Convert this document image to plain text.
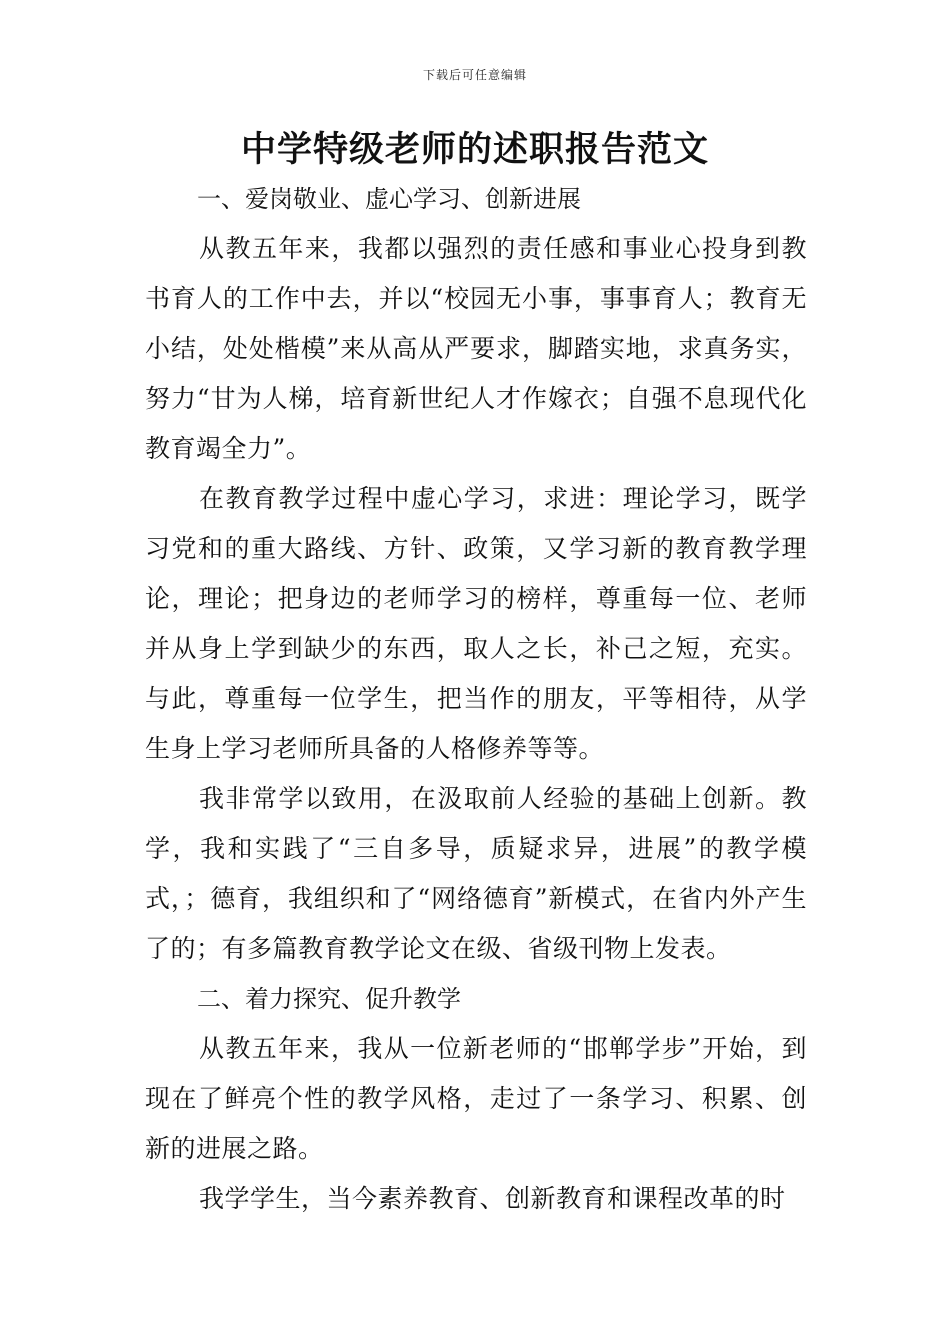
下载后可任意编辑
中学特级老师的述职报告范文
一、爱岗敬业、虚心学习、创新进展

从教五年来，我都以强烈的责任感和事业心投身到教书育人的工作中去，并以“校园无小事，事事育人；教育无小结，处处楷模”来从高从严要求，脚踏实地，求真务实，努力“甘为人梯，培育新世纪人才作嫁衣；自强不息现代化教育竭全力”。

在教育教学过程中虚心学习，求进：理论学习，既学习党和的重大路线、方针、政策，又学习新的教育教学理论，理论；把身边的老师学习的榜样，尊重每一位、老师并从身上学到缺少的东西，取人之长，补己之短，充实。与此，尊重每一位学生，把当作的朋友，平等相待，从学生身上学习老师所具备的人格修养等等。

我非常学以致用，在汲取前人经验的基础上创新。教学，我和实践了“三自多导，质疑求异，进展”的教学模式，；德育，我组织和了“网络德育”新模式，在省内外产生了的；有多篇教育教学论文在级、省级刊物上发表。

二、着力探究、促升教学

从教五年来，我从一位新老师的“邯郸学步”开始，到现在了鲜亮个性的教学风格，走过了一条学习、积累、创新的进展之路。

我学学生，当今素养教育、创新教育和课程改革的时
